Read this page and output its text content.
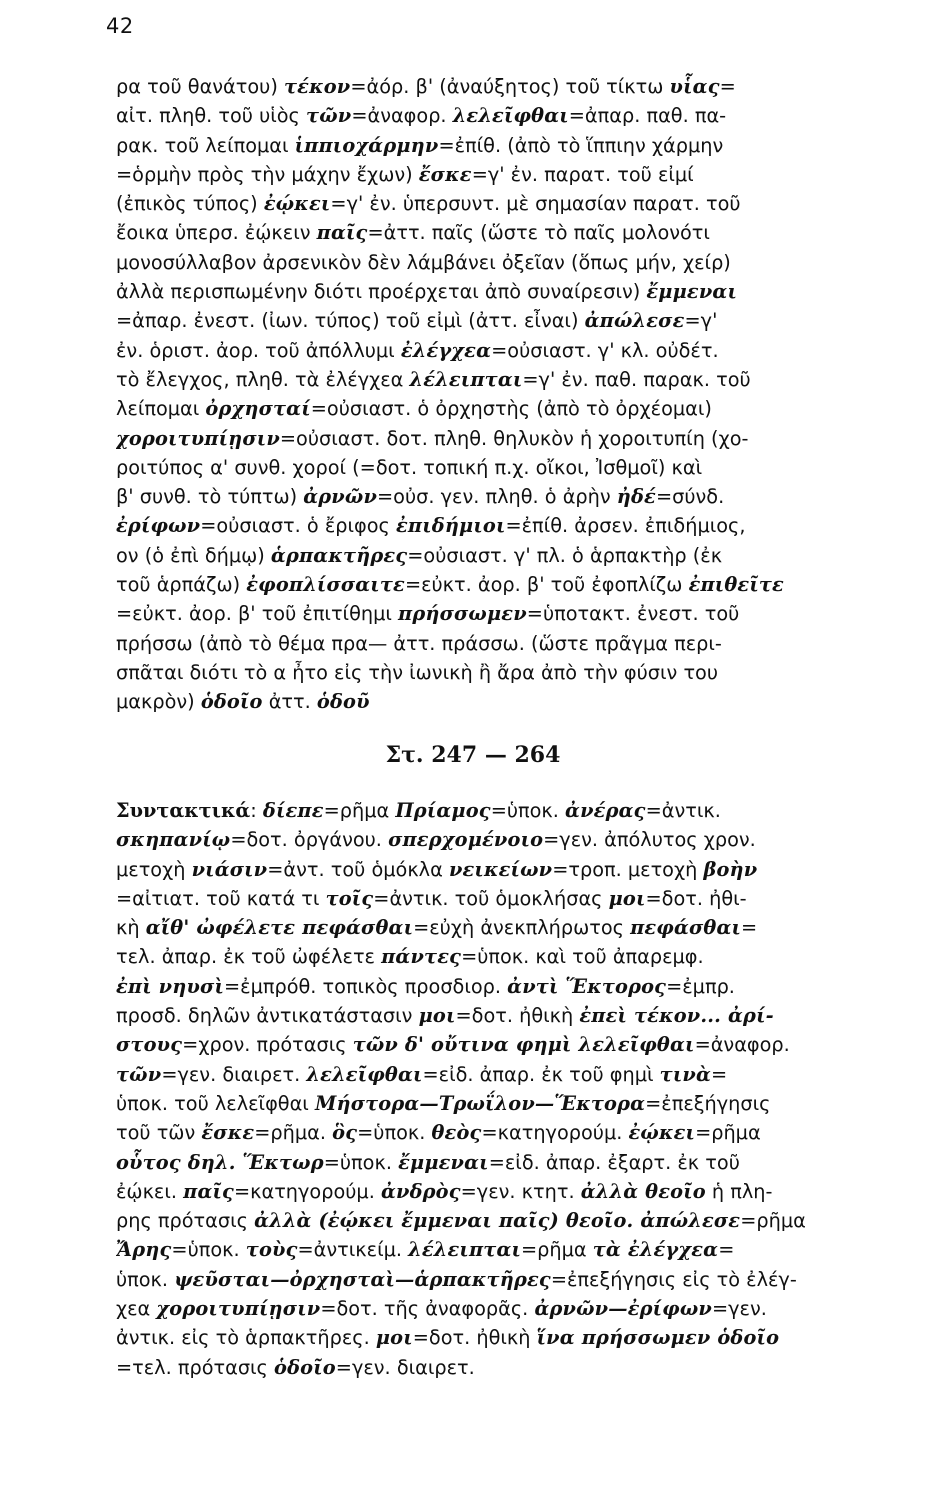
42
ρα τοῦ θανάτου) τέκον=ἀόρ. β' (ἀναύξητος) τοῦ τίκτω υἷας=
αἰτ. πληθ. τοῦ υἱὸς τῶν=ἀναφορ. λελεῖφθαι=ἀπαρ. παθ. πα-
ρακ. τοῦ λείπομαι ἱππιοχάρμην=ἐπίθ. (ἀπὸ τὸ ἵππιην χάρμην
=ὁρμὴν πρὸς τὴν μάχην ἔχων) ἔσκε=γ' ἐν. παρατ. τοῦ εἰμί
(ἐπικὸς τύπος) ἐῴκει=γ' ἐν. ὑπερσυντ. μὲ σημασίαν παρατ. τοῦ
ἔοικα ὑπερσ. ἐῴκειν παῖς=ἀττ. παῖς (ὥστε τὸ παῖς μολονότι
μονοσύλλαβον ἀρσενικὸν δὲν λάμβάνει ὀξεῖαν (ὅπως μήν, χείρ)
ἀλλὰ περισπωμένην διότι προέρχεται ἀπὸ συναίρεσιν) ἔμμεναι
=ἀπαρ. ἐνεστ. (ἰων. τύπος) τοῦ εἰμὶ (ἀττ. εἶναι) ἀπώλεσε=γ'
ἐν. ὁριστ. ἀορ. τοῦ ἀπόλλυμι ἐλέγχεα=οὐσιαστ. γ' κλ. οὐδέτ.
τὸ ἔλεγχος, πληθ. τὰ ἐλέγχεα λέλειπται=γ' ἐν. παθ. παρακ. τοῦ
λείπομαι ὀρχησταί=οὐσιαστ. ὁ ὀρχηστὴς (ἀπὸ τὸ ὀρχέομαι)
χοροιτυπίῃσιν=οὐσιαστ. δοτ. πληθ. θηλυκὸν ἡ χοροιτυπίη (χο-
ροιτύπος α' συνθ. χοροί (=δοτ. τοπική π.χ. οἴκοι, Ἰσθμοῖ) καὶ
β' συνθ. τὸ τύπτω) ἀρνῶν=οὐσ. γεν. πληθ. ὁ ἀρὴν ἠδέ=σύνδ.
ἐρίφων=οὐσιαστ. ὁ ἔριφος ἐπιδήμιοι=ἐπίθ. ἀρσεν. ἐπιδήμιος,
ον (ὁ ἐπὶ δήμῳ) ἁρπακτῆρες=οὐσιαστ. γ' πλ. ὁ ἁρπακτὴρ (ἐκ
τοῦ ἁρπάζω) ἐφοπλίσσαιτε=εὐκτ. ἀορ. β' τοῦ ἐφοπλίζω ἐπιθεῖτε
=εὐκτ. ἀορ. β' τοῦ ἐπιτίθημι πρήσσωμεν=ὑποτακτ. ἐνεστ. τοῦ
πρήσσω (ἀπὸ τὸ θέμα πρα— ἀττ. πράσσω. (ὥστε πρᾶγμα περι-
σπᾶται διότι τὸ α ἦτο εἰς τὴν ἰωνικὴ ἢ ἄρα ἀπὸ τὴν φύσιν του
μακρὸν) ὁδοῖο ἀττ. ὁδοῦ
Στ. 247 — 264
Συντακτικά: δίεπε=ρῆμα Πρίαμος=ὑποκ. ἀνέρας=ἀντικ.
σκηπανίῳ=δοτ. ὀργάνου. σπερχομένοιο=γεν. ἀπόλυτος χρον.
μετοχὴ νιάσιν=ἀντ. τοῦ ὁμόκλα νεικείων=τροπ. μετοχὴ βοὴν
=αἰτιατ. τοῦ κατά τι τοῖς=ἀντικ. τοῦ ὁμοκλήσας μοι=δοτ. ἠθι-
κὴ αἴθ' ὠφέλετε πεφάσθαι=εὐχὴ ἀνεκπλήρωτος πεφάσθαι=
τελ. ἀπαρ. ἐκ τοῦ ὠφέλετε πάντες=ὑποκ. καὶ τοῦ ἀπαρεμφ.
ἐπὶ νηυσὶ=ἐμπρόθ. τοπικὸς προσδιορ. ἀντὶ Ἕκτορος=ἐμπρ.
προσδ. δηλῶν ἀντικατάστασιν μοι=δοτ. ἠθικὴ ἐπεὶ τέκον... ἀρί-
στους=χρον. πρότασις τῶν δ' οὔτινα φημὶ λελεῖφθαι=ἀναφορ.
τῶν=γεν. διαιρετ. λελεῖφθαι=εἰδ. ἀπαρ. ἐκ τοῦ φημὶ τινὰ=
ὑποκ. τοῦ λελεῖφθαι Μήστορα—Τρωΐλον—Ἕκτορα=ἐπεξήγησις
τοῦ τῶν ἔσκε=ρῆμα. ὃς=ὑποκ. θεὸς=κατηγορούμ. ἐῴκει=ρῆμα
οὗτος δηλ. Ἕκτωρ=ὑποκ. ἔμμεναι=εἰδ. ἀπαρ. ἐξαρτ. ἐκ τοῦ
ἐῴκει. παῖς=κατηγορούμ. ἀνδρὸς=γεν. κτητ. ἀλλὰ θεοῖο ἡ πλη-
ρης πρότασις ἀλλὰ (ἐῴκει ἔμμεναι παῖς) θεοῖο. ἀπώλεσε=ρῆμα
Ἄρης=ὑποκ. τοὺς=ἀντικείμ. λέλειπται=ρῆμα τὰ ἐλέγχεα=
ὑποκ. ψεῦσται—ὀρχησταὶ—ἁρπακτῆρες=ἐπεξήγησις εἰς τὸ ἐλέγ-
χεα χοροιτυπίῃσιν=δοτ. τῆς ἀναφορᾶς. ἀρνῶν—ἐρίφων=γεν.
ἀντικ. εἰς τὸ ἁρπακτῆρες. μοι=δοτ. ἠθικὴ ἵνα πρήσσωμεν ὁδοῖο
=τελ. πρότασις ὁδοῖο=γεν. διαιρετ.
